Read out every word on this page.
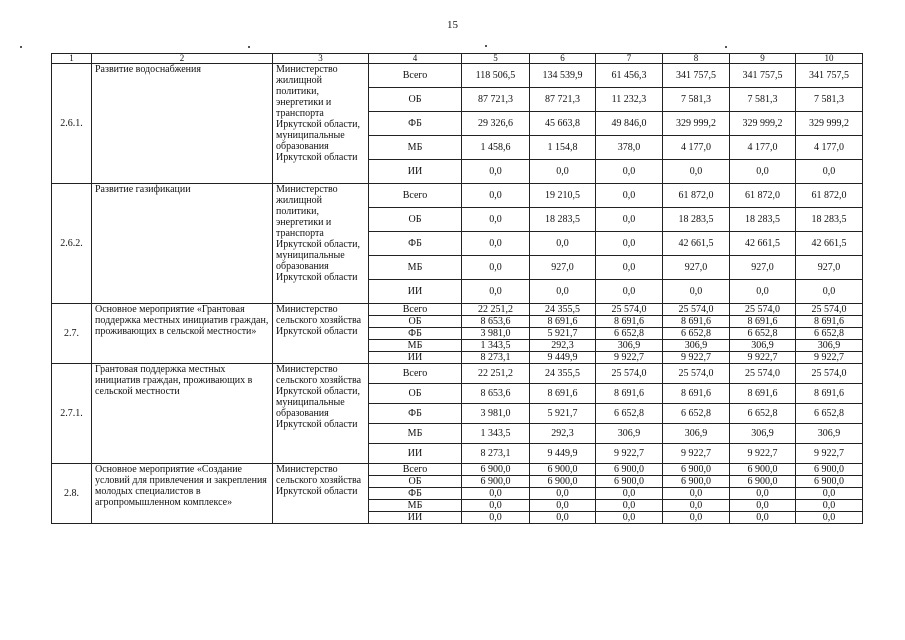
15
1	2	3	4	5	6	7	8	9	10
2.6.1.	Развитие водоснабжения	Министерство жилищной политики, энергетики и транспорта Иркутской области, муниципальные образования Иркутской области	Всего	118 506,5	134 539,9	61 456,3	341 757,5	341 757,5	341 757,5
			ОБ	87 721,3	87 721,3	11 232,3	7 581,3	7 581,3	7 581,3
			ФБ	29 326,6	45 663,8	49 846,0	329 999,2	329 999,2	329 999,2
			МБ	1 458,6	1 154,8	378,0	4 177,0	4 177,0	4 177,0
			ИИ	0,0	0,0	0,0	0,0	0,0	0,0
2.6.2.	Развитие газификации	Министерство жилищной политики, энергетики и транспорта Иркутской области, муниципальные образования Иркутской области	Всего	0,0	19 210,5	0,0	61 872,0	61 872,0	61 872,0
			ОБ	0,0	18 283,5	0,0	18 283,5	18 283,5	18 283,5
			ФБ	0,0	0,0	0,0	42 661,5	42 661,5	42 661,5
			МБ	0,0	927,0	0,0	927,0	927,0	927,0
			ИИ	0,0	0,0	0,0	0,0	0,0	0,0
2.7.	Основное мероприятие «Грантовая поддержка местных инициатив граждан, проживающих в сельской местности»	Министерство сельского хозяйства Иркутской области	Всего	22 251,2	24 355,5	25 574,0	25 574,0	25 574,0	25 574,0
			ОБ	8 653,6	8 691,6	8 691,6	8 691,6	8 691,6	8 691,6
			ФБ	3 981,0	5 921,7	6 652,8	6 652,8	6 652,8	6 652,8
			МБ	1 343,5	292,3	306,9	306,9	306,9	306,9
			ИИ	8 273,1	9 449,9	9 922,7	9 922,7	9 922,7	9 922,7
2.7.1.	Грантовая поддержка местных инициатив граждан, проживающих в сельской местности	Министерство сельского хозяйства Иркутской области, муниципальные образования Иркутской области	Всего	22 251,2	24 355,5	25 574,0	25 574,0	25 574,0	25 574,0
			ОБ	8 653,6	8 691,6	8 691,6	8 691,6	8 691,6	8 691,6
			ФБ	3 981,0	5 921,7	6 652,8	6 652,8	6 652,8	6 652,8
			МБ	1 343,5	292,3	306,9	306,9	306,9	306,9
			ИИ	8 273,1	9 449,9	9 922,7	9 922,7	9 922,7	9 922,7
2.8.	Основное мероприятие «Создание условий для привлечения и закрепления молодых специалистов в агропромышленном комплексе»	Министерство сельского хозяйства Иркутской области	Всего	6 900,0	6 900,0	6 900,0	6 900,0	6 900,0	6 900,0
			ОБ	6 900,0	6 900,0	6 900,0	6 900,0	6 900,0	6 900,0
			ФБ	0,0	0,0	0,0	0,0	0,0	0,0
			МБ	0,0	0,0	0,0	0,0	0,0	0,0
			ИИ	0,0	0,0	0,0	0,0	0,0	0,0
